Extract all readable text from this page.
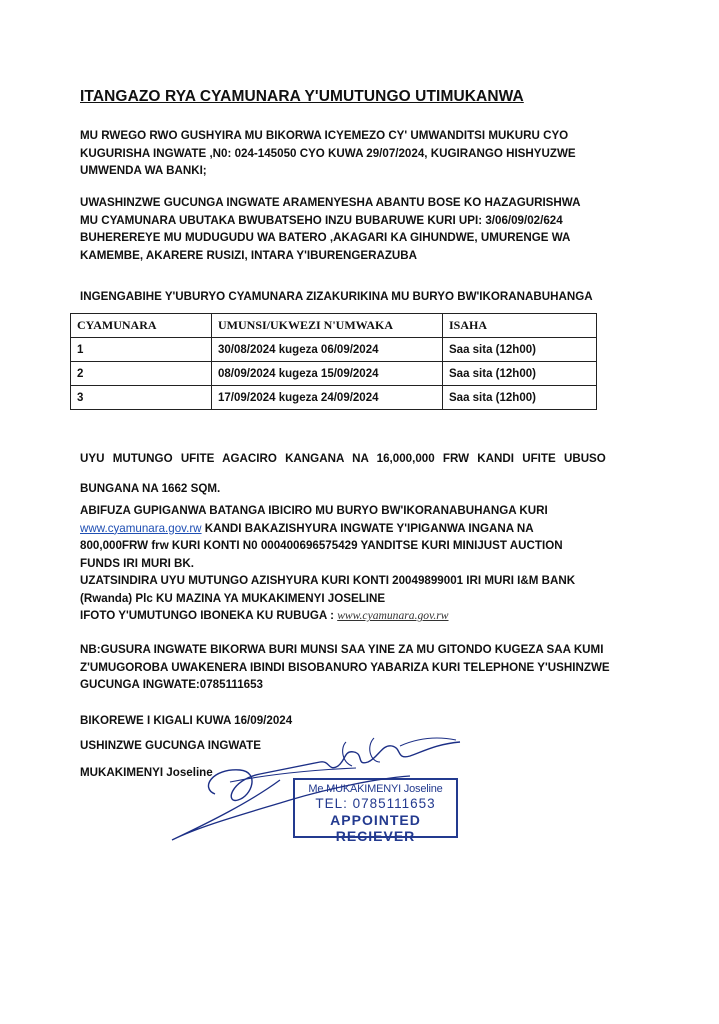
ITANGAZO RYA CYAMUNARA Y'UMUTUNGO UTIMUKANWA

MU RWEGO RWO GUSHYIRA MU BIKORWA ICYEMEZO CY' UMWANDITSI MUKURU CYO
KUGURISHA INGWATE ,N0: 024-145050 CYO KUWA 29/07/2024, KUGIRANGO HISHYUZWE
UMWENDA WA BANKI;

UWASHINZWE GUCUNGA INGWATE ARAMENYESHA ABANTU BOSE KO HAZAGURISHWA
MU CYAMUNARA UBUTAKA BWUBATSEHO INZU BUBARUWE KURI UPI: 3/06/09/02/624
BUHEREREYE MU MUDUGUDU WA BATERO ,AKAGARI KA GIHUNDWE, UMURENGE WA
KAMEMBE, AKARERE RUSIZI, INTARA Y'IBURENGERAZUBA

INGENGABIHE Y'UBURYO CYAMUNARA ZIZAKURIKINA MU BURYO BW'IKORANABUHANGA

CYAMUNARA	UMUNSI/UKWEZI N'UMWAKA	ISAHA
1	30/08/2024 kugeza 06/09/2024	Saa sita (12h00)
2	08/09/2024 kugeza 15/09/2024	Saa sita (12h00)
3	17/09/2024 kugeza 24/09/2024	Saa sita (12h00)

UYU MUTUNGO UFITE AGACIRO KANGANA NA 16,000,000 FRW KANDI UFITE UBUSO

BUNGANA NA 1662 SQM.

ABIFUZA GUPIGANWA BATANGA IBICIRO MU BURYO BW'IKORANABUHANGA KURI
www.cyamunara.gov.rw KANDI BAKAZISHYURA INGWATE Y'IPIGANWA INGANA NA
800,000FRW frw KURI KONTI N0 000400696575429 YANDITSE KURI MINIJUST AUCTION
FUNDS IRI MURI BK.
UZATSINDIRA UYU MUTUNGO AZISHYURA KURI KONTI 20049899001 IRI MURI I&M BANK
(Rwanda) Plc KU MAZINA YA MUKAKIMENYI JOSELINE
IFOTO Y'UMUTUNGO IBONEKA KU RUBUGA : www.cyamunara.gov.rw

NB:GUSURA INGWATE BIKORWA BURI MUNSI SAA YINE ZA MU GITONDO KUGEZA SAA KUMI
Z'UMUGOROBA UWAKENERA IBINDI BISOBANURO YABARIZA KURI TELEPHONE Y'USHINZWE
GUCUNGA INGWATE:0785111653

BIKOREWE I KIGALI KUWA 16/09/2024

USHINZWE GUCUNGA INGWATE

MUKAKIMENYI Joseline

Me MUKAKIMENYI Joseline
TEL: 0785111653
APPOINTED RECIEVER
